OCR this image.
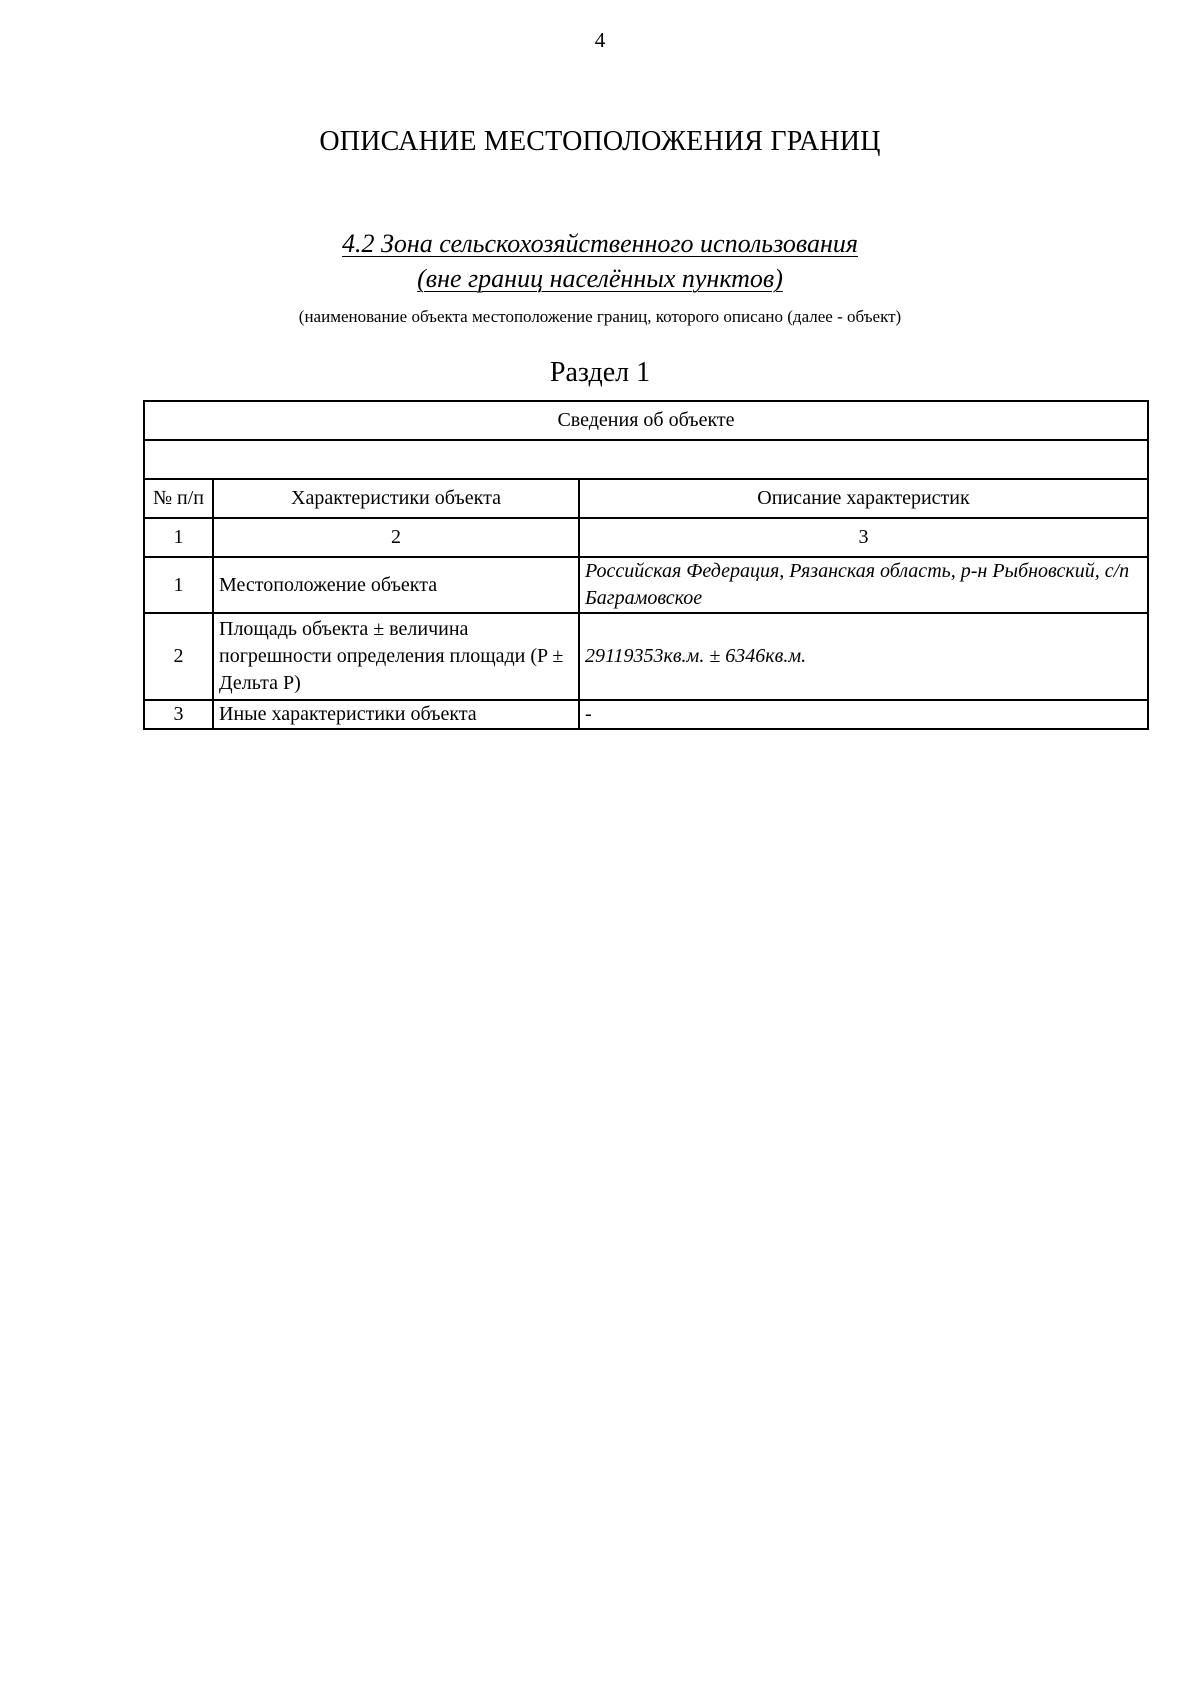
4
ОПИСАНИЕ МЕСТОПОЛОЖЕНИЯ ГРАНИЦ
4.2 Зона сельскохозяйственного использования
(вне границ населённых пунктов)
(наименование объекта местоположение границ, которого описано (далее - объект)
Раздел 1
Сведения об объекте		

№ п/п	Характеристики объекта	Описание характеристик
1	2	3
1	Местоположение объекта	Российская Федерация, Рязанская область, р-н Рыбновский, с/п Баграмовское
2	Площадь объекта ± величина погрешности определения площади (P ± Дельта P)	29119353кв.м. ± 6346кв.м.
3	Иные характеристики объекта	-
